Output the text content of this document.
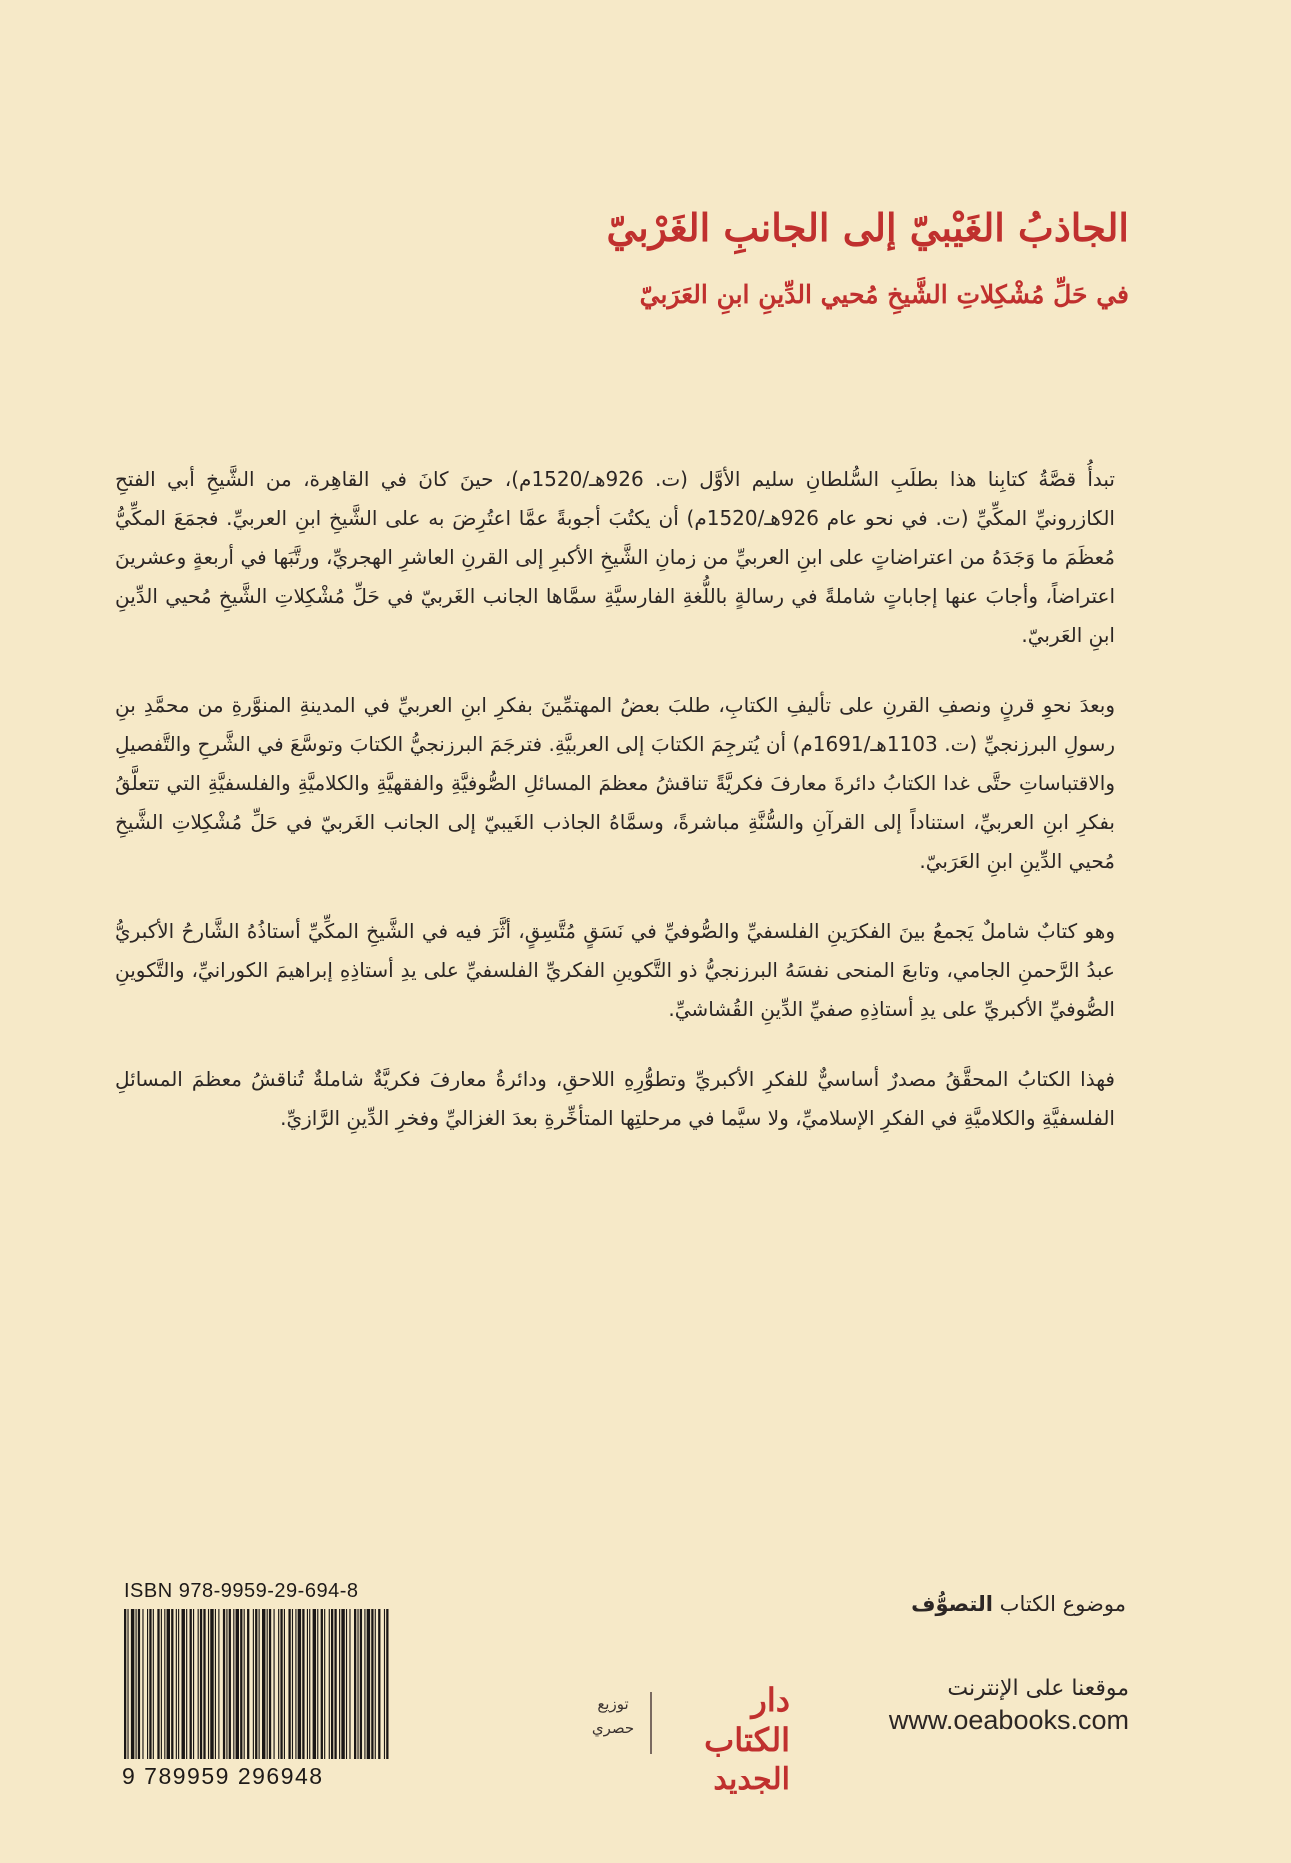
الجاذبُ الغَيْبيّ إلى الجانبِ الغَرْبيّ
في حَلِّ مُشْكِلاتِ الشَّيخِ مُحيي الدِّينِ ابنِ العَرَبيّ

تبدأُ قصَّةُ كتابِنا هذا بطلَبِ السُّلطانِ سليم الأوَّل (ت. 926هـ/1520م)، حينَ كانَ في القاهِرة، من الشَّيخِ أبي الفتحِ الكازرونيِّ المكِّيِّ (ت. في نحو عام 926هـ/1520م) أن يكتُبَ أجوبةً عمَّا اعتُرِضَ به على الشَّيخِ ابنِ العربيِّ. فجمَعَ المكِّيُّ مُعظَمَ ما وَجَدَهُ من اعتراضاتٍ على ابنِ العربيِّ من زمانِ الشَّيخِ الأكبرِ إلى القرنِ العاشرِ الهجريِّ، ورتَّبَها في أربعةٍ وعشرينَ اعتراضاً، وأجابَ عنها إجاباتٍ شاملةً في رسالةٍ باللُّغةِ الفارسيَّةِ سمَّاها الجانب الغَربيّ في حَلِّ مُشْكِلاتِ الشَّيخِ مُحيي الدِّينِ ابنِ العَربيّ.

وبعدَ نحوِ قرنٍ ونصفِ القرنِ على تأليفِ الكتابِ، طلبَ بعضُ المهتمِّينَ بفكرِ ابنِ العربيِّ في المدينةِ المنوَّرةِ من محمَّدِ بنِ رسولِ البرزنجيِّ (ت. 1103هـ/1691م) أن يُترجِمَ الكتابَ إلى العربيَّةِ. فترجَمَ البرزنجيُّ الكتابَ وتوسَّعَ في الشَّرحِ والتَّفصيلِ والاقتباساتِ حتَّى غدا الكتابُ دائرةَ معارفَ فكريَّةً تناقشُ معظمَ المسائلِ الصُّوفيَّةِ والفقهيَّةِ والكلاميَّةِ والفلسفيَّةِ التي تتعلَّقُ بفكرِ ابنِ العربيِّ، استناداً إلى القرآنِ والسُّنَّةِ مباشرةً، وسمَّاهُ الجاذب الغَيبيّ إلى الجانب الغَربيّ في حَلِّ مُشْكِلاتِ الشَّيخِ مُحيي الدِّينِ ابنِ العَرَبيّ.

وهو كتابٌ شاملٌ يَجمعُ بينَ الفكرَينِ الفلسفيِّ والصُّوفيِّ في نَسَقٍ مُتَّسِقٍ، أثَّرَ فيه في الشَّيخِ المكِّيِّ أستاذُهُ الشَّارحُ الأكبريُّ عبدُ الرَّحمنِ الجامي، وتابعَ المنحى نفسَهُ البرزنجيُّ ذو التَّكوينِ الفكريِّ الفلسفيِّ على يدِ أستاذِهِ إبراهيمَ الكورانيِّ، والتَّكوينِ الصُّوفيِّ الأكبريِّ على يدِ أستاذِهِ صفيِّ الدِّينِ القُشاشيِّ.

فهذا الكتابُ المحقَّقُ مصدرٌ أساسيٌّ للفكرِ الأكبريِّ وتطوُّرِهِ اللاحقِ، ودائرةُ معارفَ فكريَّةٌ شاملةٌ تُناقشُ معظمَ المسائلِ الفلسفيَّةِ والكلاميَّةِ في الفكرِ الإسلاميِّ، ولا سيَّما في مرحلتِها المتأخِّرةِ بعدَ الغزاليِّ وفخرِ الدِّينِ الرَّازيِّ.

ISBN 978-9959-29-694-8
9 789959 296948
دار الكتاب
الجديد
توزيع
حصري
موضوع الكتاب التصوُّف
موقعنا على الإنترنت
www.oeabooks.com
